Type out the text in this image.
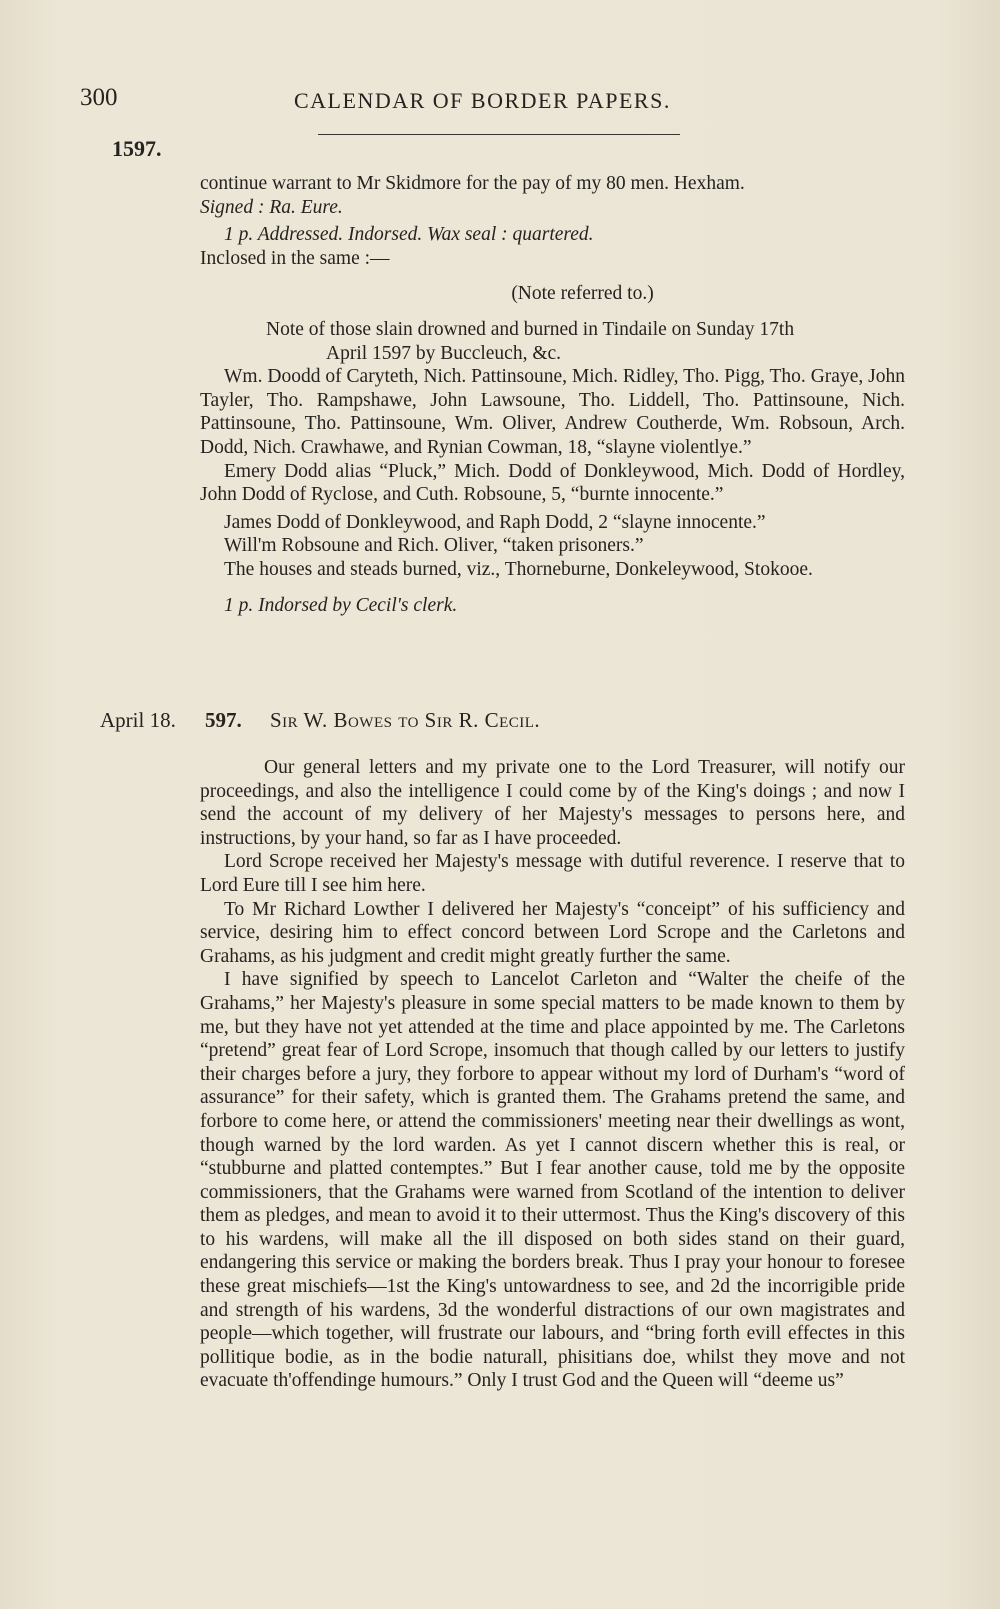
300	CALENDAR OF BORDER PAPERS.
1597.

continue warrant to Mr Skidmore for the pay of my 80 men. Hexham.

Signed : Ra. Eure.

1 p. Addressed. Indorsed. Wax seal : quartered.

Inclosed in the same :—

(Note referred to.)

Note of those slain drowned and burned in Tindaile on Sunday 17th
April 1597 by Buccleuch, &c.

Wm. Doodd of Caryteth, Nich. Pattinsoune, Mich. Ridley, Tho. Pigg, Tho. Graye, John Tayler, Tho. Rampshawe, John Lawsoune, Tho. Liddell, Tho. Pattinsoune, Nich. Pattinsoune, Tho. Pattinsoune, Wm. Oliver, Andrew Coutherde, Wm. Robsoun, Arch. Dodd, Nich. Crawhawe, and Rynian Cowman, 18, “slayne violentlye.”

Emery Dodd alias “Pluck,” Mich. Dodd of Donkleywood, Mich. Dodd of Hordley, John Dodd of Ryclose, and Cuth. Robsoune, 5, “burnte innocente.”

James Dodd of Donkleywood, and Raph Dodd, 2 “slayne innocente.”

Will'm Robsoune and Rich. Oliver, “taken prisoners.”

The houses and steads burned, viz., Thorneburne, Donkeleywood, Stokooe.

1 p. Indorsed by Cecil's clerk.

April 18. 597. Sir W. Bowes to Sir R. Cecil.

Our general letters and my private one to the Lord Treasurer, will notify our proceedings, and also the intelligence I could come by of the King's doings ; and now I send the account of my delivery of her Majesty's messages to persons here, and instructions, by your hand, so far as I have proceeded.

Lord Scrope received her Majesty's message with dutiful reverence. I reserve that to Lord Eure till I see him here.

To Mr Richard Lowther I delivered her Majesty's “conceipt” of his sufficiency and service, desiring him to effect concord between Lord Scrope and the Carletons and Grahams, as his judgment and credit might greatly further the same.

I have signified by speech to Lancelot Carleton and “Walter the cheife of the Grahams,” her Majesty's pleasure in some special matters to be made known to them by me, but they have not yet attended at the time and place appointed by me. The Carletons “pretend” great fear of Lord Scrope, insomuch that though called by our letters to justify their charges before a jury, they forbore to appear without my lord of Durham's “word of assurance” for their safety, which is granted them. The Grahams pretend the same, and forbore to come here, or attend the commissioners' meeting near their dwellings as wont, though warned by the lord warden. As yet I cannot discern whether this is real, or “stubburne and platted contemptes.” But I fear another cause, told me by the opposite commissioners, that the Grahams were warned from Scotland of the intention to deliver them as pledges, and mean to avoid it to their uttermost. Thus the King's discovery of this to his wardens, will make all the ill disposed on both sides stand on their guard, endangering this service or making the borders break. Thus I pray your honour to foresee these great mischiefs—1st the King's untowardness to see, and 2d the incorrigible pride and strength of his wardens, 3d the wonderful distractions of our own magistrates and people—which together, will frustrate our labours, and “bring forth evill effectes in this pollitique bodie, as in the bodie naturall, phisitians doe, whilst they move and not evacuate th'offendinge humours.” Only I trust God and the Queen will “deeme us”
